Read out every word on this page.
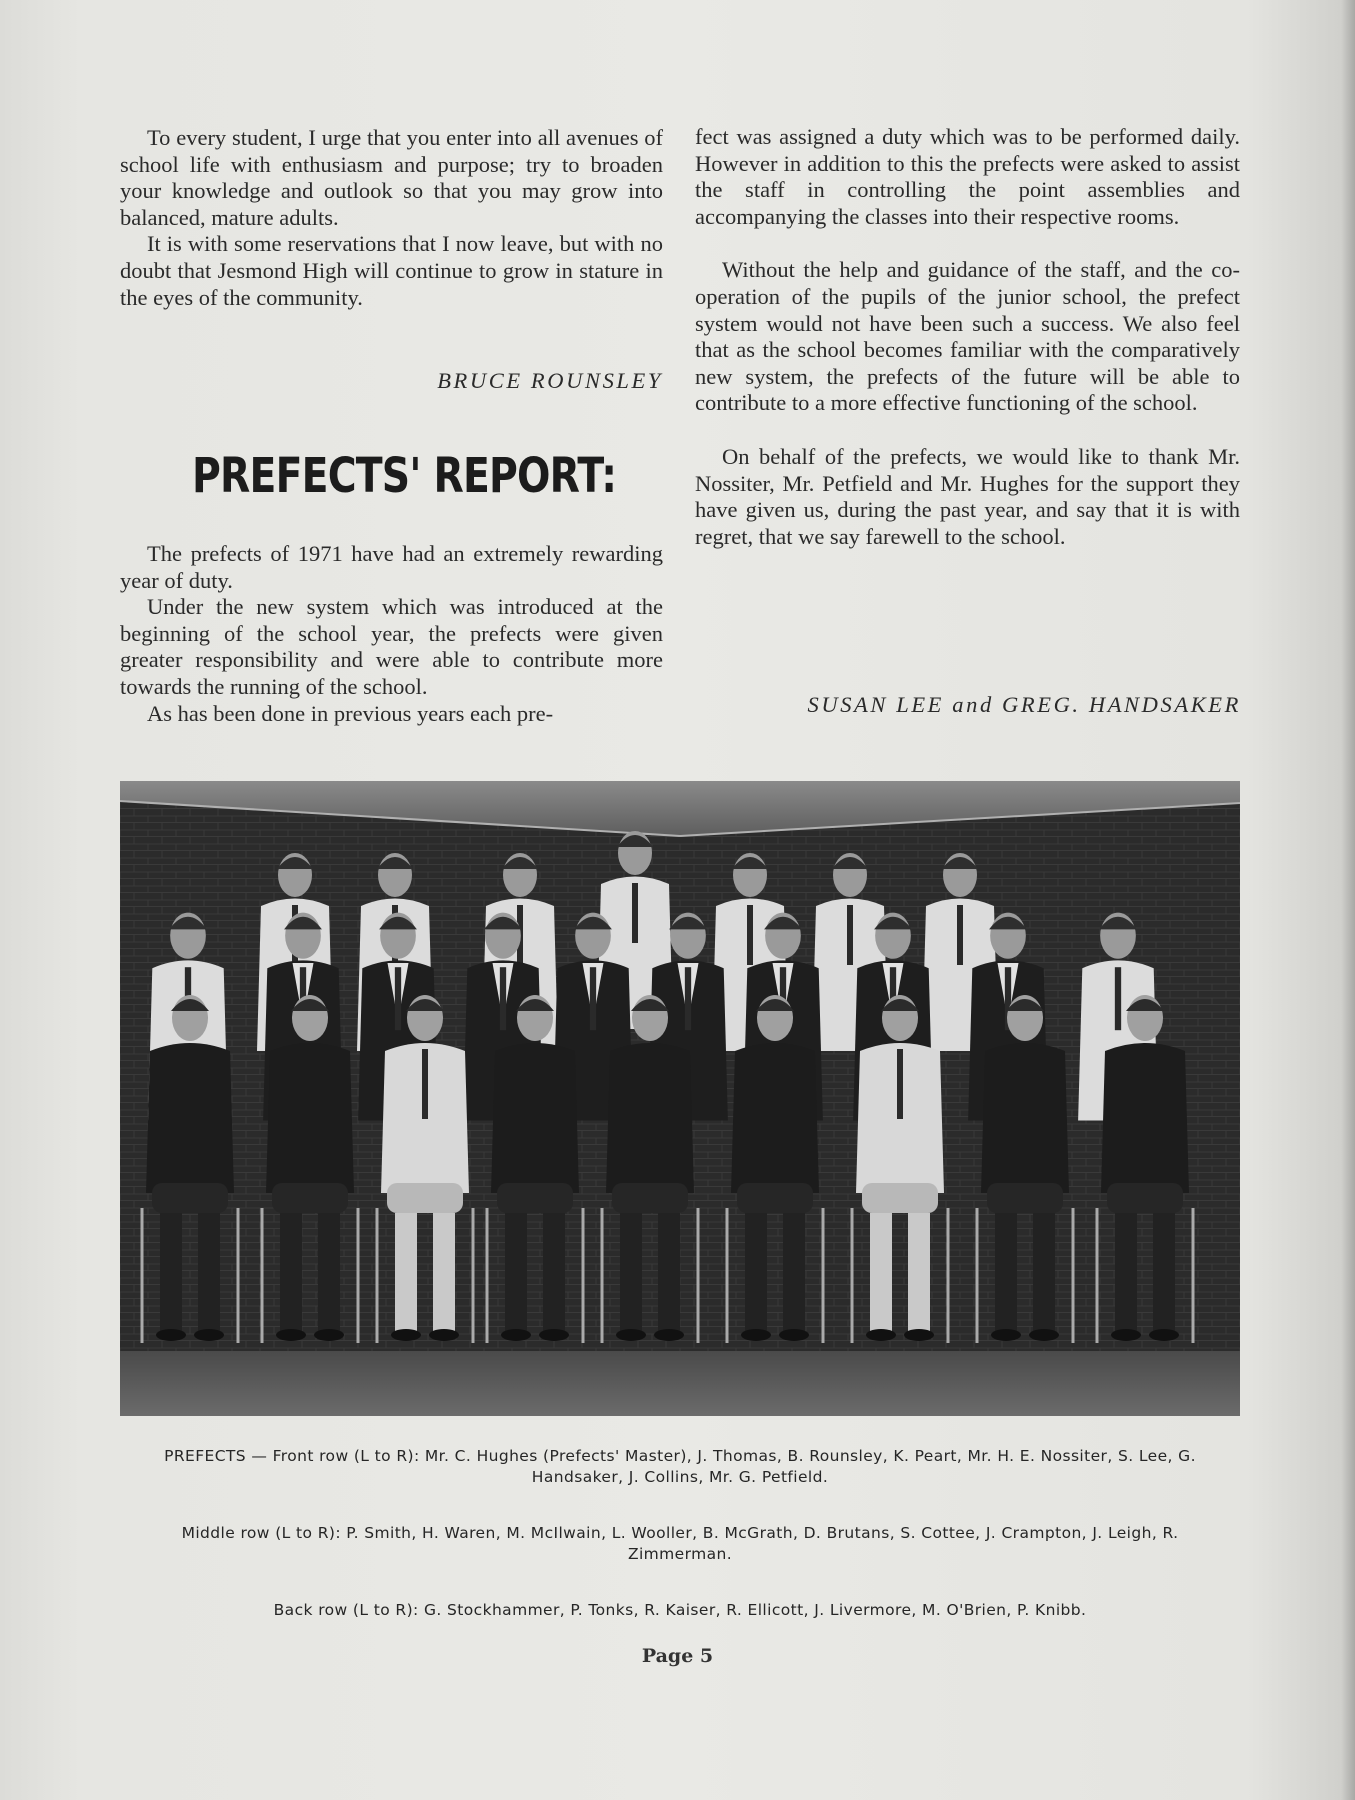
To every student, I urge that you enter into all avenues of school life with enthusiasm and purpose; try to broaden your knowledge and outlook so that you may grow into balanced, mature adults.

It is with some reservations that I now leave, but with no doubt that Jesmond High will continue to grow in stature in the eyes of the community.

BRUCE ROUNSLEY
PREFECTS' REPORT:

The prefects of 1971 have had an extremely rewarding year of duty.

Under the new system which was introduced at the beginning of the school year, the prefects were given greater responsibility and were able to contribute more towards the running of the school.

As has been done in previous years each pre-

fect was assigned a duty which was to be performed daily. However in addition to this the prefects were asked to assist the staff in controlling the point assemblies and accompanying the classes into their respective rooms.

Without the help and guidance of the staff, and the co-operation of the pupils of the junior school, the prefect system would not have been such a success. We also feel that as the school becomes familiar with the comparatively new system, the prefects of the future will be able to contribute to a more effective functioning of the school.

On behalf of the prefects, we would like to thank Mr. Nossiter, Mr. Petfield and Mr. Hughes for the support they have given us, during the past year, and say that it is with regret, that we say farewell to the school.

SUSAN LEE and GREG. HANDSAKER
PREFECTS — Front row (L to R): Mr. C. Hughes (Prefects' Master), J. Thomas, B. Rounsley, K. Peart, Mr. H. E. Nossiter, S. Lee, G. Handsaker, J. Collins, Mr. G. Petfield.
Middle row (L to R): P. Smith, H. Waren, M. McIlwain, L. Wooller, B. McGrath, D. Brutans, S. Cottee, J. Crampton, J. Leigh, R. Zimmerman.
Back row (L to R): G. Stockhammer, P. Tonks, R. Kaiser, R. Ellicott, J. Livermore, M. O'Brien, P. Knibb.
Page 5
